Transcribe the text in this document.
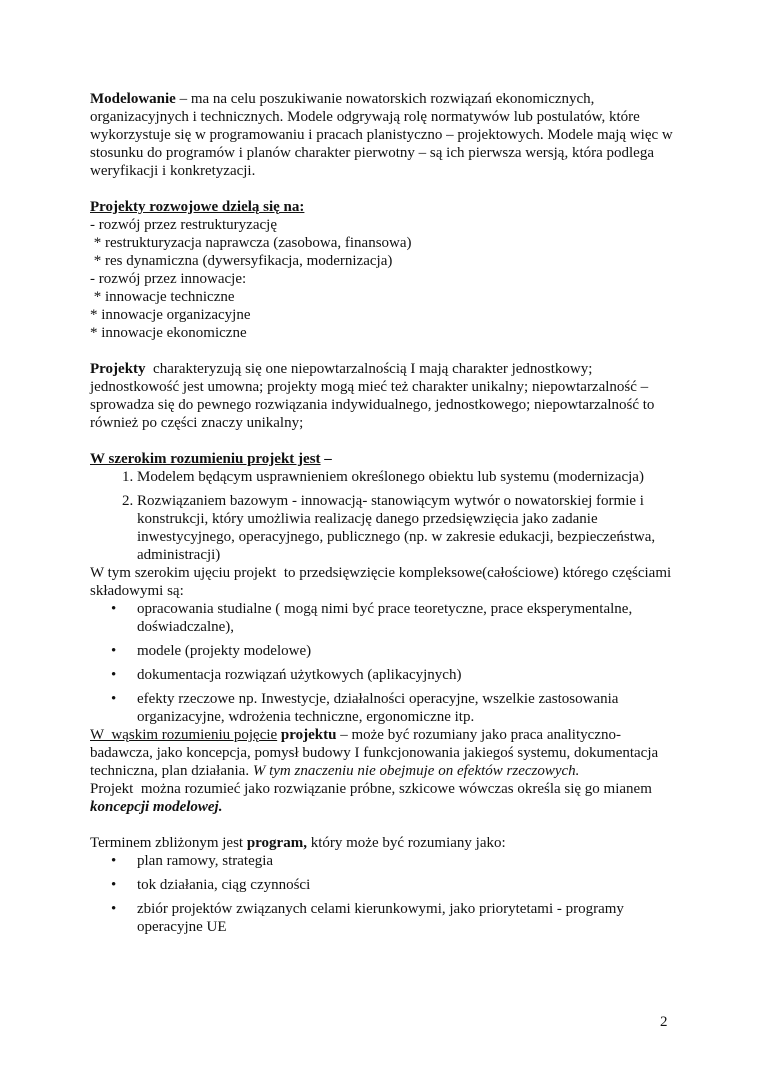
Modelowanie – ma na celu poszukiwanie nowatorskich rozwiązań ekonomicznych, organizacyjnych i technicznych. Modele odgrywają rolę normatywów lub postulatów, które wykorzystuje się w programowaniu i pracach planistyczno – projektowych. Modele mają więc w stosunku do programów i planów charakter pierwotny – są ich pierwsza wersją, która podlega weryfikacji i konkretyzacji.

Projekty rozwojowe dzielą się na:

- rozwój przez restrukturyzację

* restrukturyzacja naprawcza (zasobowa, finansowa)

* res dynamiczna (dywersyfikacja, modernizacja)

- rozwój przez innowacje:

* innowacje techniczne

* innowacje organizacyjne

* innowacje ekonomiczne

Projekty  charakteryzują się one niepowtarzalnością I mają charakter jednostkowy; jednostkowość jest umowna; projekty mogą mieć też charakter unikalny; niepowtarzalność – sprowadza się do pewnego rozwiązania indywidualnego, jednostkowego; niepowtarzalność to również po części znaczy unikalny;

W szerokim rozumieniu projekt jest –

1. Modelem będącym usprawnieniem określonego obiektu lub systemu (modernizacja)
2. Rozwiązaniem bazowym - innowacją- stanowiącym wytwór o nowatorskiej formie i konstrukcji, który umożliwia realizację danego przedsięwzięcia jako zadanie inwestycyjnego, operacyjnego, publicznego (np. w zakresie edukacji, bezpieczeństwa, administracji)

W tym szerokim ujęciu projekt  to przedsięwzięcie kompleksowe(całościowe) którego częściami składowymi są:

• opracowania studialne ( mogą nimi być prace teoretyczne, prace eksperymentalne, doświadczalne),
• modele (projekty modelowe)
• dokumentacja rozwiązań użytkowych (aplikacyjnych)
• efekty rzeczowe np. Inwestycje, działalności operacyjne, wszelkie zastosowania organizacyjne, wdrożenia techniczne, ergonomiczne itp.

W  wąskim rozumieniu pojęcie projektu – może być rozumiany jako praca analityczno-badawcza, jako koncepcja, pomysł budowy I funkcjonowania jakiegoś systemu, dokumentacja techniczna, plan działania. W tym znaczeniu nie obejmuje on efektów rzeczowych.

Projekt  można rozumieć jako rozwiązanie próbne, szkicowe wówczas określa się go mianem koncepcji modelowej.

Terminem zbliżonym jest program, który może być rozumiany jako:

• plan ramowy, strategia
• tok działania, ciąg czynności
• zbiór projektów związanych celami kierunkowymi, jako priorytetami - programy operacyjne UE
2
